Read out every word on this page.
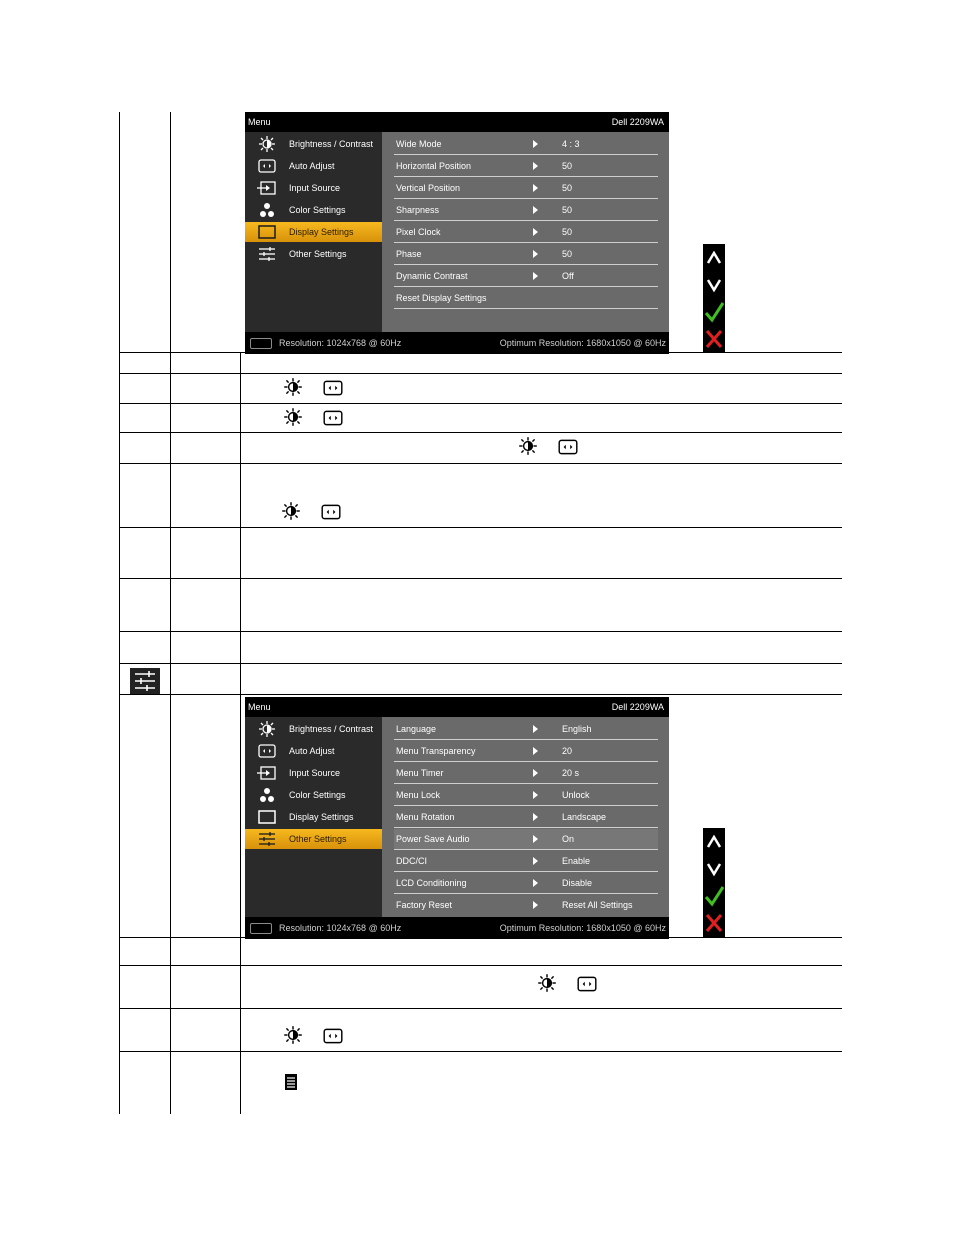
Menu	Dell 2209WA
Brightness / Contrast
Auto Adjust
Input Source
Color Settings
Display Settings
Other Settings
Wide Mode	4 : 3
Horizontal Position	50
Vertical Position	50
Sharpness	50
Pixel Clock	50
Phase	50
Dynamic Contrast	Off
Reset Display Settings
Resolution: 1024x768 @ 60Hz	Optimum Resolution: 1680x1050 @ 60Hz
Menu	Dell 2209WA
Brightness / Contrast
Auto Adjust
Input Source
Color Settings
Display Settings
Other Settings
Language	English
Menu Transparency	20
Menu Timer	20 s
Menu Lock	Unlock
Menu Rotation	Landscape
Power Save Audio	On
DDC/CI	Enable
LCD Conditioning	Disable
Factory Reset	Reset All Settings
Resolution: 1024x768 @ 60Hz	Optimum Resolution: 1680x1050 @ 60Hz
